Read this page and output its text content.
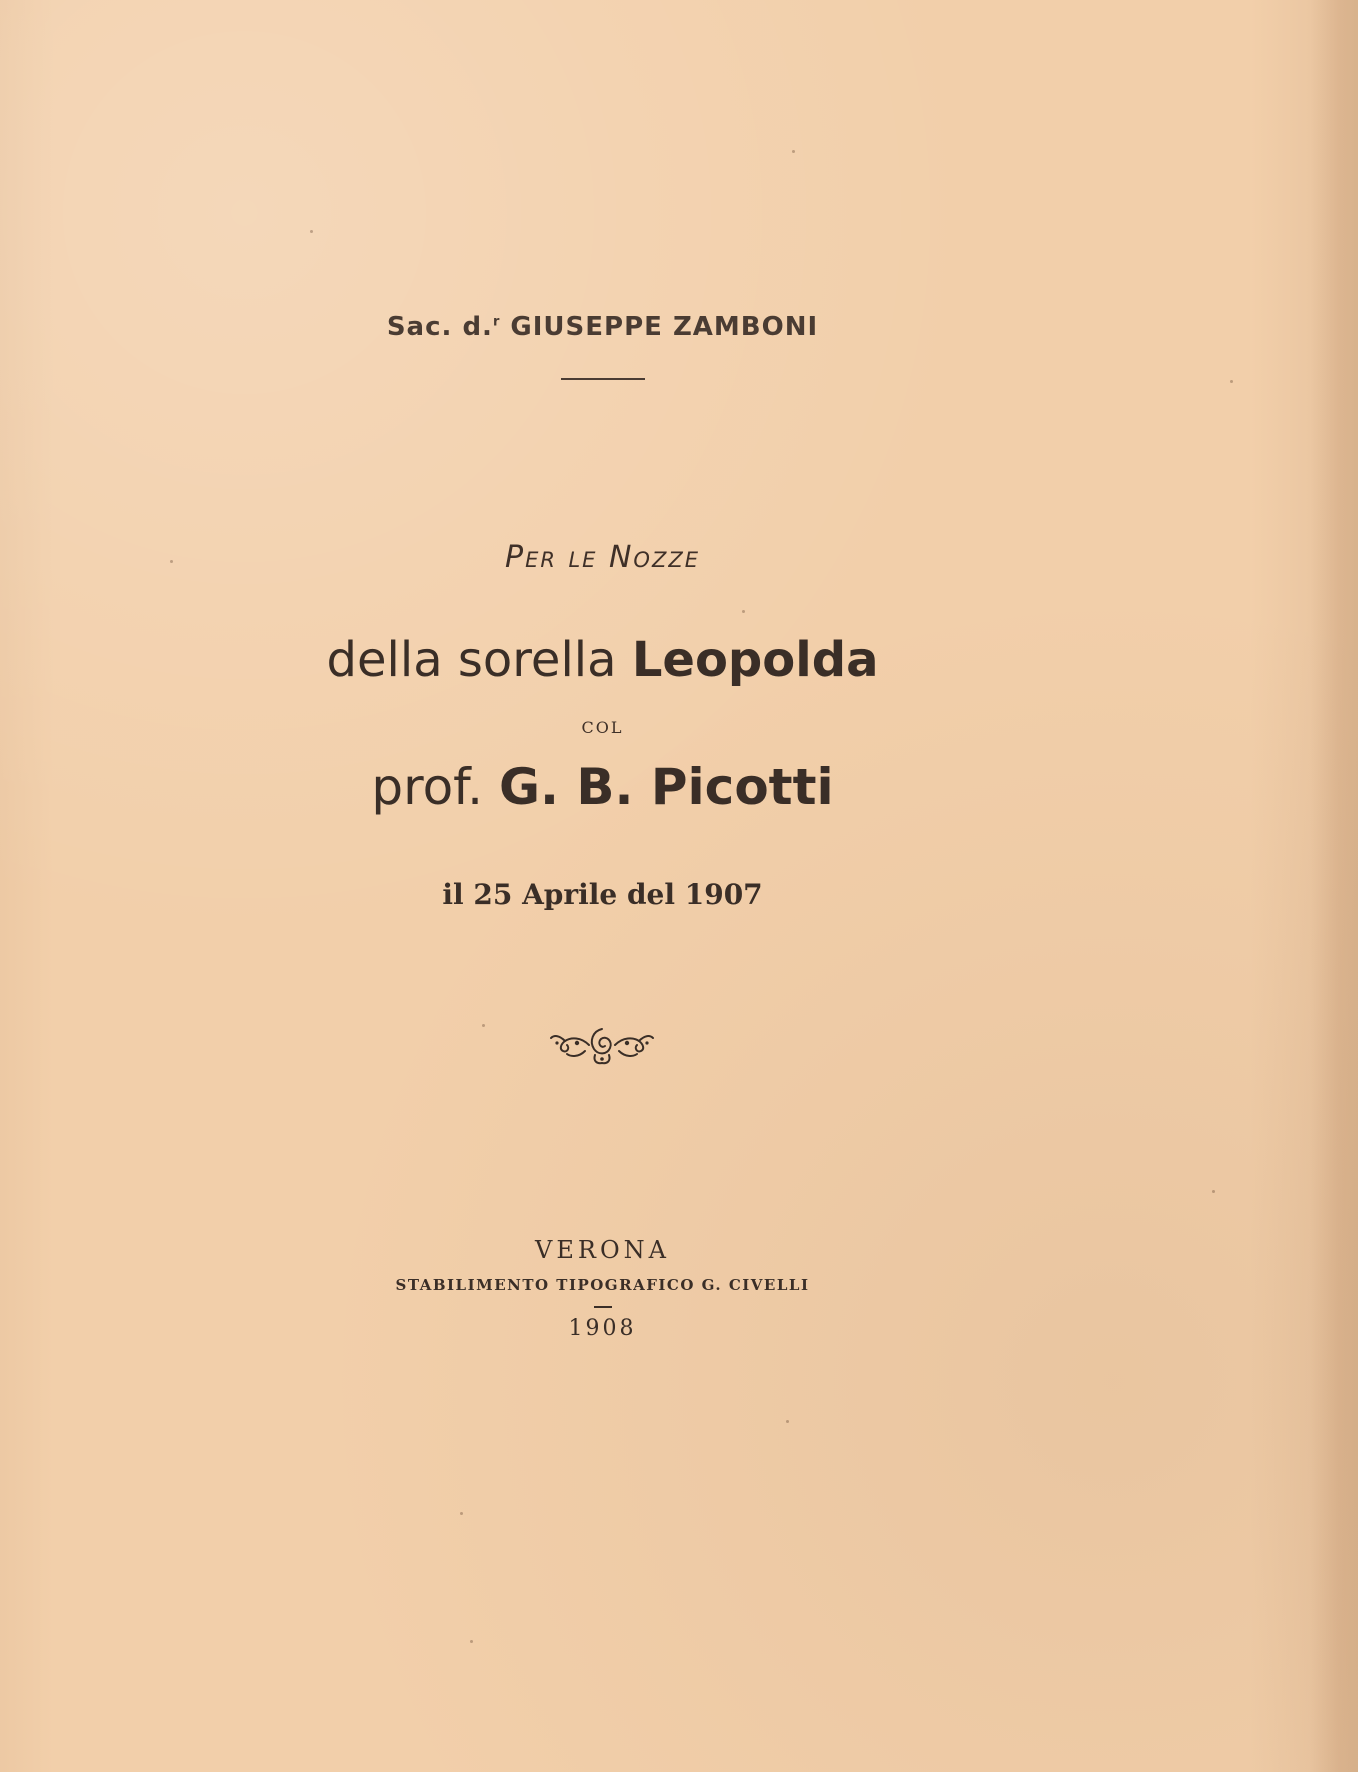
Sac. d.$^r$ GIUSEPPE ZAMBONI
Per le Nozze
della sorella Leopolda
COL
prof. G. B. Picotti
il 25 Aprile del 1907
VERONA
STABILIMENTO TIPOGRAFICO G. CIVELLI
1908
